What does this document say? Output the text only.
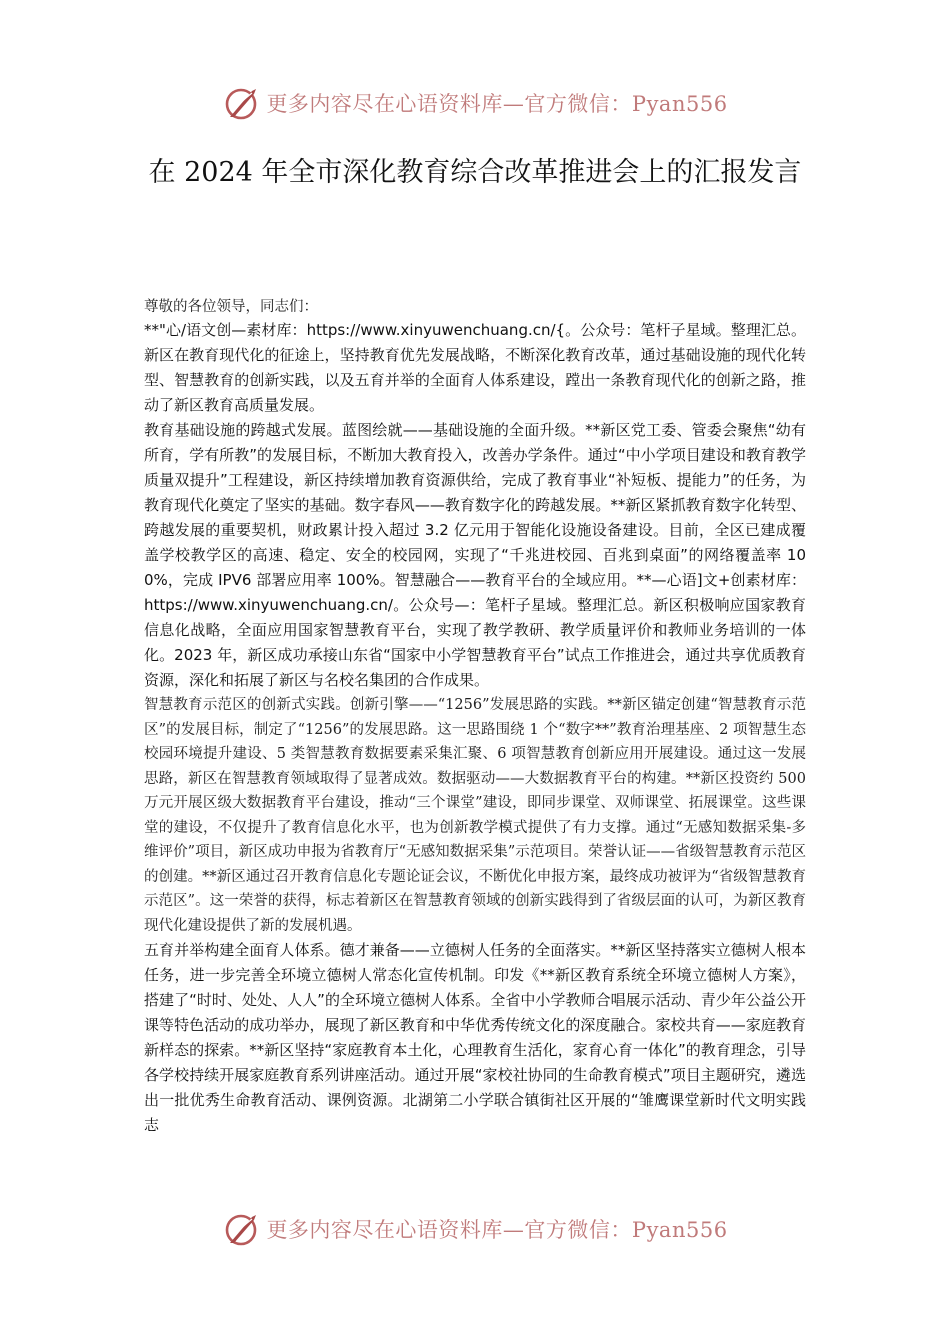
更多内容尽在心语资料库—官方微信：Pyan556
在 2024 年全市深化教育综合改革推进会上的汇报发言

尊敬的各位领导，同志们：

**"心/语文创—素材库：https://www.xinyuwenchuang.cn/{。公众号：笔杆子星域。整理汇总。新区在教育现代化的征途上，坚持教育优先发展战略，不断深化教育改革，通过基础设施的现代化转型、智慧教育的创新实践，以及五育并举的全面育人体系建设，蹚出一条教育现代化的创新之路，推动了新区教育高质量发展。

教育基础设施的跨越式发展。蓝图绘就——基础设施的全面升级。**新区党工委、管委会聚焦“幼有所育，学有所教”的发展目标，不断加大教育投入，改善办学条件。通过“中小学项目建设和教育教学质量双提升”工程建设，新区持续增加教育资源供给，完成了教育事业“补短板、提能力”的任务，为教育现代化奠定了坚实的基础。数字春风——教育数字化的跨越发展。**新区紧抓教育数字化转型、跨越发展的重要契机，财政累计投入超过 3.2 亿元用于智能化设施设备建设。目前，全区已建成覆盖学校教学区的高速、稳定、安全的校园网，实现了“千兆进校园、百兆到桌面”的网络覆盖率 100%，完成 IPV6 部署应用率 100%。智慧融合——教育平台的全域应用。**—心语]文+创素材库：https://www.xinyuwenchuang.cn/。公众号—：笔杆子星域。整理汇总。新区积极响应国家教育信息化战略，全面应用国家智慧教育平台，实现了教学教研、教学质量评价和教师业务培训的一体化。2023 年，新区成功承接山东省“国家中小学智慧教育平台”试点工作推进会，通过共享优质教育资源，深化和拓展了新区与名校名集团的合作成果。

智慧教育示范区的创新式实践。创新引擎——“1256”发展思路的实践。**新区锚定创建“智慧教育示范区”的发展目标，制定了“1256”的发展思路。这一思路围绕 1 个“数字**”教育治理基座、2 项智慧生态校园环境提升建设、5 类智慧教育数据要素采集汇聚、6 项智慧教育创新应用开展建设。通过这一发展思路，新区在智慧教育领域取得了显著成效。数据驱动——大数据教育平台的构建。**新区投资约 500 万元开展区级大数据教育平台建设，推动“三个课堂”建设，即同步课堂、双师课堂、拓展课堂。这些课堂的建设，不仅提升了教育信息化水平，也为创新教学模式提供了有力支撑。通过“无感知数据采集-多维评价”项目，新区成功申报为省教育厅“无感知数据采集”示范项目。荣誉认证——省级智慧教育示范区的创建。**新区通过召开教育信息化专题论证会议，不断优化申报方案，最终成功被评为“省级智慧教育示范区”。这一荣誉的获得，标志着新区在智慧教育领域的创新实践得到了省级层面的认可，为新区教育现代化建设提供了新的发展机遇。

五育并举构建全面育人体系。德才兼备——立德树人任务的全面落实。**新区坚持落实立德树人根本任务，进一步完善全环境立德树人常态化宣传机制。印发《**新区教育系统全环境立德树人方案》，搭建了“时时、处处、人人”的全环境立德树人体系。全省中小学教师合唱展示活动、青少年公益公开课等特色活动的成功举办，展现了新区教育和中华优秀传统文化的深度融合。家校共育——家庭教育新样态的探索。**新区坚持“家庭教育本土化，心理教育生活化，家育心育一体化”的教育理念，引导各学校持续开展家庭教育系列讲座活动。通过开展“家校社协同的生命教育模式”项目主题研究，遴选出一批优秀生命教育活动、课例资源。北湖第二小学联合镇街社区开展的“雏鹰课堂新时代文明实践志

更多内容尽在心语资料库—官方微信：Pyan556
